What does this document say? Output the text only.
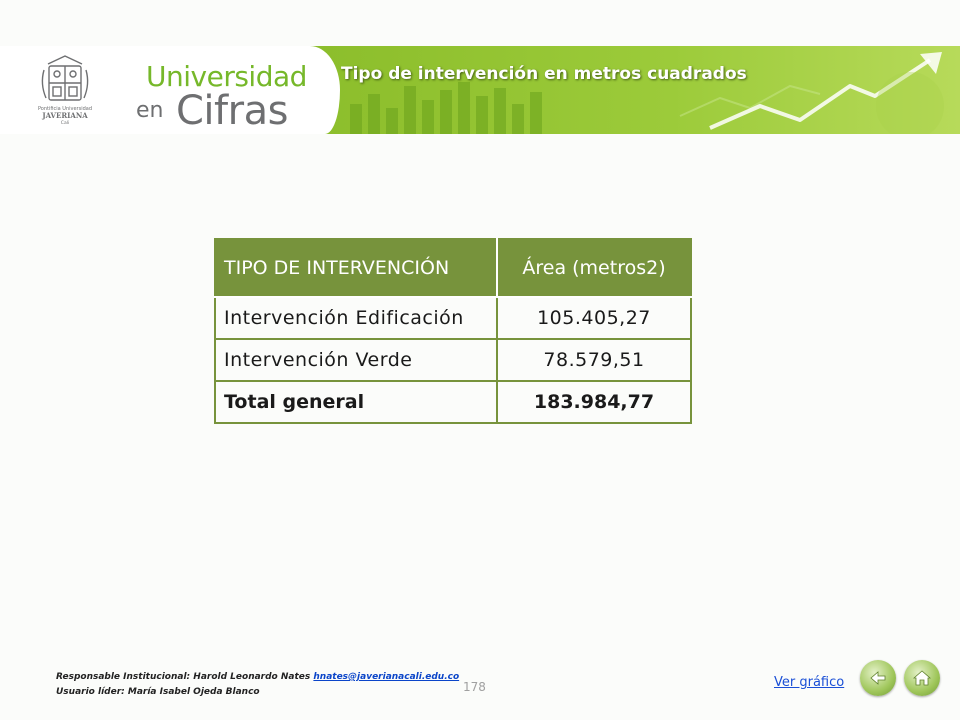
Pontificia Universidad
JAVERIANA
Cali
Universidad
en Cifras
Tipo de intervención en metros cuadrados
TIPO DE INTERVENCIÓN	Área (metros2)
Intervención Edificación	105.405,27
Intervención Verde	78.579,51
Total general	183.984,77
Responsable Institucional: Harold Leonardo Nates hnates@javerianacali.edu.co
Usuario líder: María Isabel Ojeda Blanco	178	Ver gráfico
